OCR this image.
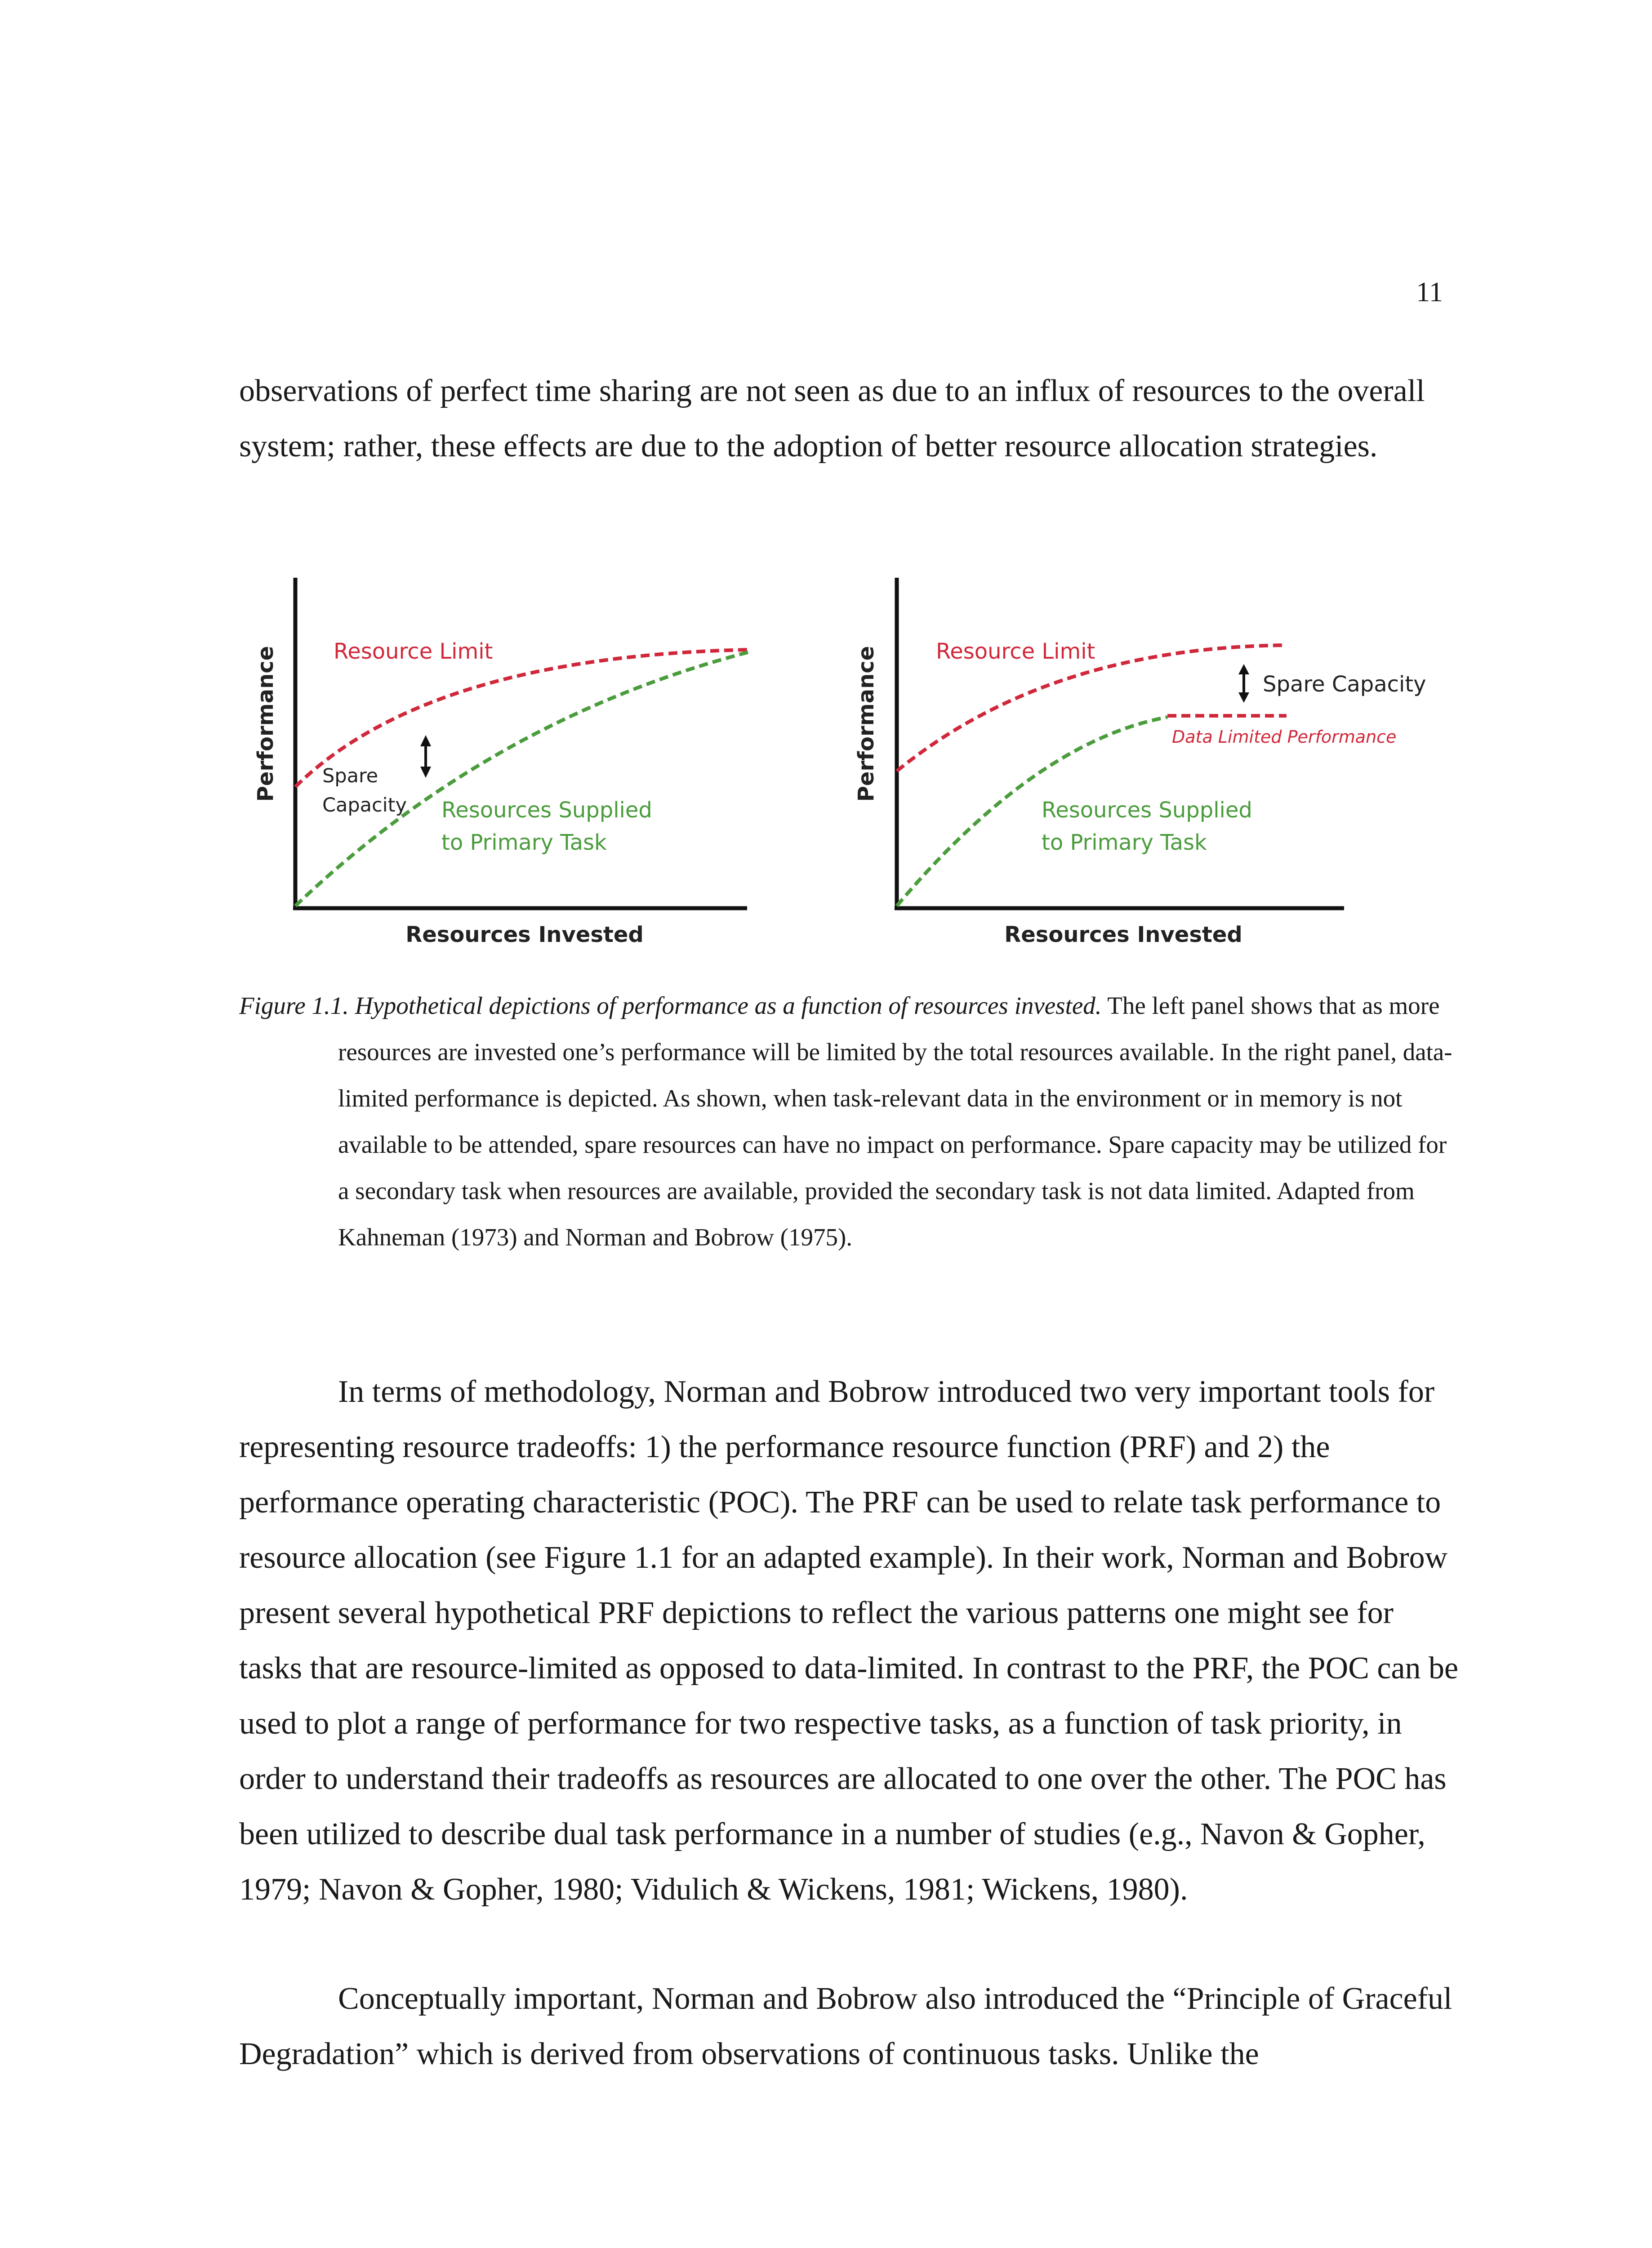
11

observations of perfect time sharing are not seen as due to an influx of resources to the overall system; rather, these effects are due to the adoption of better resource allocation strategies.

Resource Limit
Spare
Capacity Resources Supplied
to Primary Task
Performance
Resources Invested
Resource Limit
Spare Capacity
Data Limited Performance
Resources Supplied
to Primary Task
Performance
Resources Invested

Figure 1.1. Hypothetical depictions of performance as a function of resources invested. The left panel shows that as more resources are invested one’s performance will be limited by the total resources available. In the right panel, data-limited performance is depicted. As shown, when task-relevant data in the environment or in memory is not available to be attended, spare resources can have no impact on performance. Spare capacity may be utilized for a secondary task when resources are available, provided the secondary task is not data limited. Adapted from Kahneman (1973) and Norman and Bobrow (1975).

In terms of methodology, Norman and Bobrow introduced two very important tools for representing resource tradeoffs: 1) the performance resource function (PRF) and 2) the performance operating characteristic (POC). The PRF can be used to relate task performance to resource allocation (see Figure 1.1 for an adapted example). In their work, Norman and Bobrow present several hypothetical PRF depictions to reflect the various patterns one might see for tasks that are resource-limited as opposed to data-limited. In contrast to the PRF, the POC can be used to plot a range of performance for two respective tasks, as a function of task priority, in order to understand their tradeoffs as resources are allocated to one over the other. The POC has been utilized to describe dual task performance in a number of studies (e.g., Navon & Gopher, 1979; Navon & Gopher, 1980; Vidulich & Wickens, 1981; Wickens, 1980).

Conceptually important, Norman and Bobrow also introduced the “Principle of Graceful Degradation” which is derived from observations of continuous tasks. Unlike the
